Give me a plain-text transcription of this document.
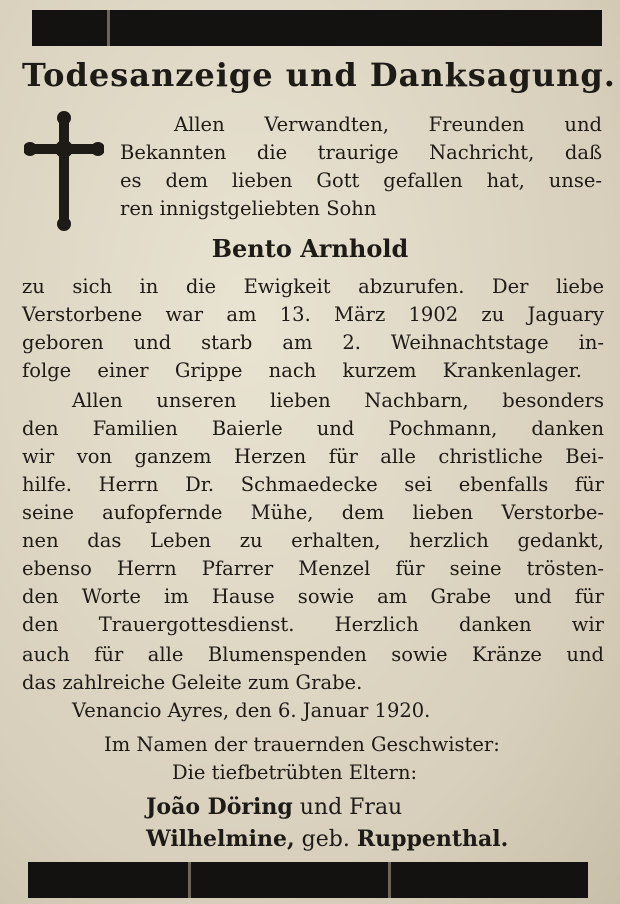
Todesanzeige und Danksagung.
Allen Verwandten, Freunden und
Bekannten die traurige Nachricht, daß
es dem lieben Gott gefallen hat, unse-
ren innigstgeliebten Sohn
Bento Arnhold
zu sich in die Ewigkeit abzurufen. Der liebe
Verstorbene war am 13. März 1902 zu Jaguary
geboren und starb am 2. Weihnachtstage in-
folge einer Grippe nach kurzem Krankenlager.
Allen unseren lieben Nachbarn, besonders
den Familien Baierle und Pochmann, danken
wir von ganzem Herzen für alle christliche Bei-
hilfe. Herrn Dr. Schmaedecke sei ebenfalls für
seine aufopfernde Mühe, dem lieben Verstorbe-
nen das Leben zu erhalten, herzlich gedankt,
ebenso Herrn Pfarrer Menzel für seine trösten-
den Worte im Hause sowie am Grabe und für
den Trauergottesdienst. Herzlich danken wir
auch für alle Blumenspenden sowie Kränze und
das zahlreiche Geleite zum Grabe.
Venancio Ayres, den 6. Januar 1920.
Im Namen der trauernden Geschwister:
Die tiefbetrübten Eltern:
João Döring und Frau
Wilhelmine, geb. Ruppenthal.
